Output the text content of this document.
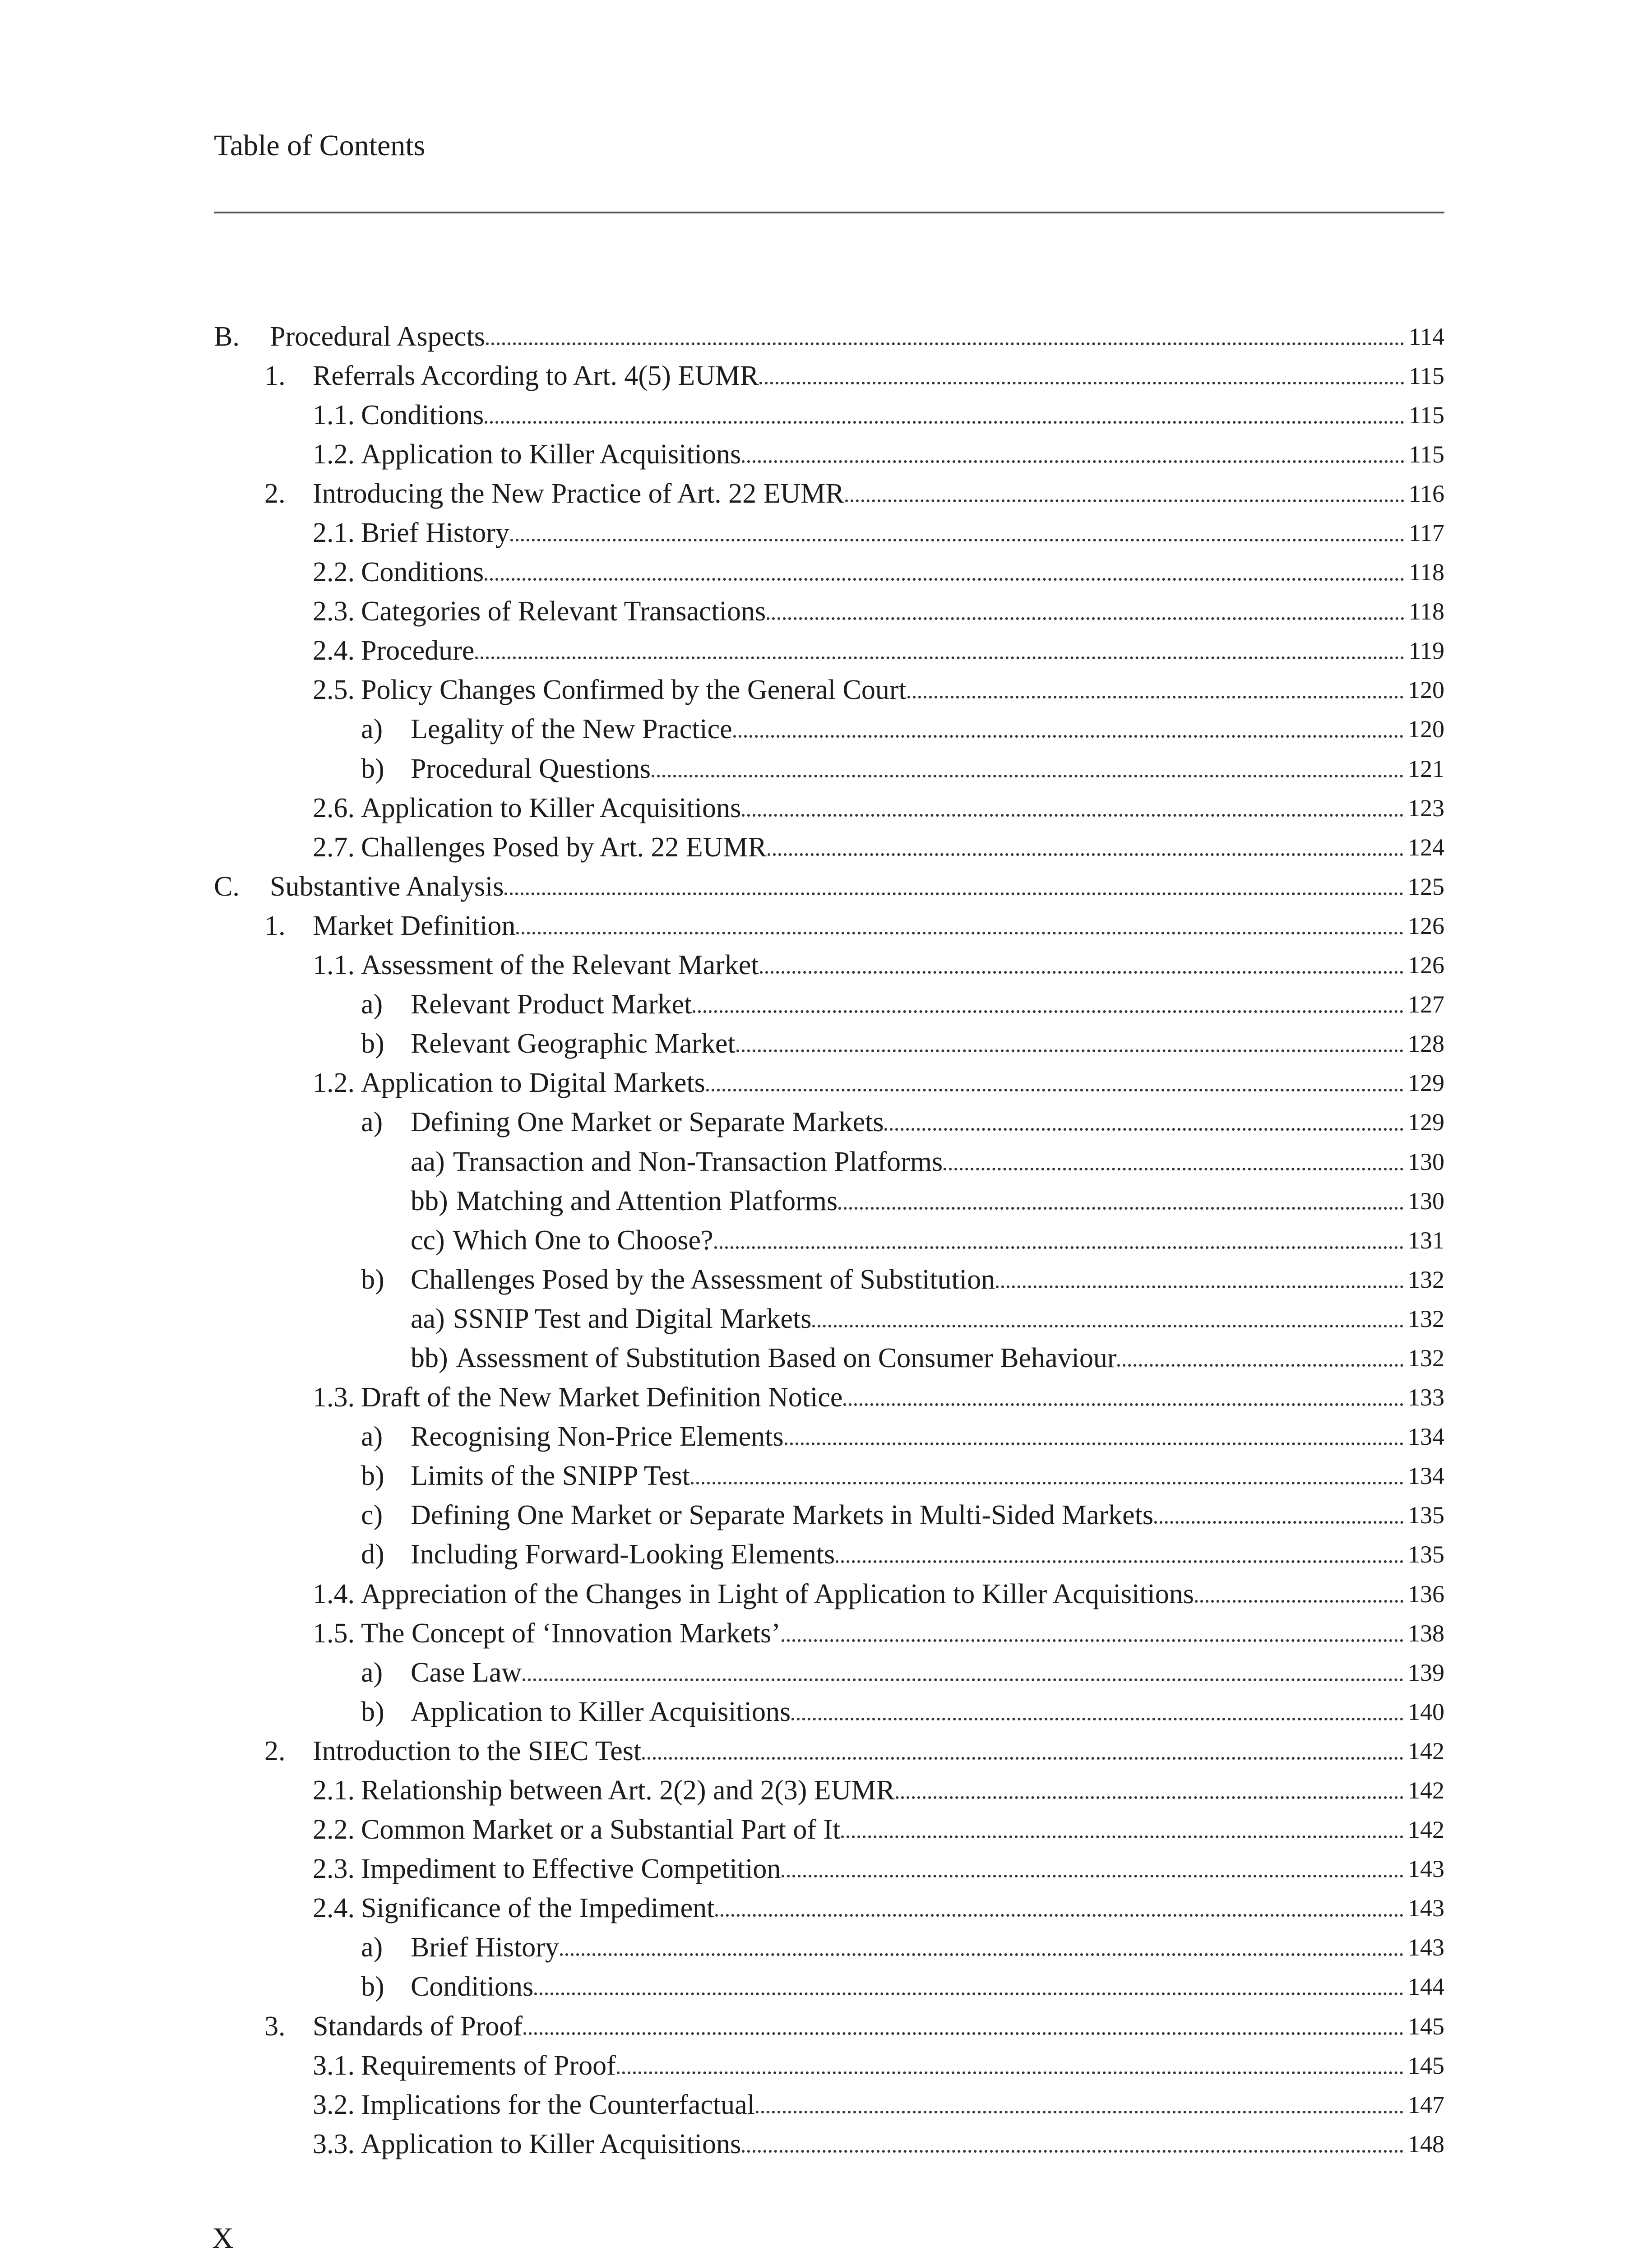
Table of Contents
B.	Procedural Aspects	114
1. Referrals According to Art. 4(5) EUMR	115
1.1. Conditions	115
1.2. Application to Killer Acquisitions	115
2. Introducing the New Practice of Art. 22 EUMR	116
2.1. Brief History	117
2.2. Conditions	118
2.3. Categories of Relevant Transactions	118
2.4. Procedure	119
2.5. Policy Changes Confirmed by the General Court	120
a) Legality of the New Practice	120
b) Procedural Questions	121
2.6. Application to Killer Acquisitions	123
2.7. Challenges Posed by Art. 22 EUMR	124
C.	Substantive Analysis	125
1. Market Definition	126
1.1. Assessment of the Relevant Market	126
a) Relevant Product Market	127
b) Relevant Geographic Market	128
1.2. Application to Digital Markets	129
a) Defining One Market or Separate Markets	129
aa) Transaction and Non-Transaction Platforms	130
bb) Matching and Attention Platforms	130
cc) Which One to Choose?	131
b) Challenges Posed by the Assessment of Substitution	132
aa) SSNIP Test and Digital Markets	132
bb) Assessment of Substitution Based on Consumer Behaviour	132
1.3. Draft of the New Market Definition Notice	133
a) Recognising Non-Price Elements	134
b) Limits of the SNIPP Test	134
c) Defining One Market or Separate Markets in Multi-Sided Markets	135
d) Including Forward-Looking Elements	135
1.4. Appreciation of the Changes in Light of Application to Killer Acquisitions	136
1.5. The Concept of ‘Innovation Markets’	138
a) Case Law	139
b) Application to Killer Acquisitions	140
2. Introduction to the SIEC Test	142
2.1. Relationship between Art. 2(2) and 2(3) EUMR	142
2.2. Common Market or a Substantial Part of It	142
2.3. Impediment to Effective Competition	143
2.4. Significance of the Impediment	143
a) Brief History	143
b) Conditions	144
3. Standards of Proof	145
3.1. Requirements of Proof	145
3.2. Implications for the Counterfactual	147
3.3. Application to Killer Acquisitions	148
X
